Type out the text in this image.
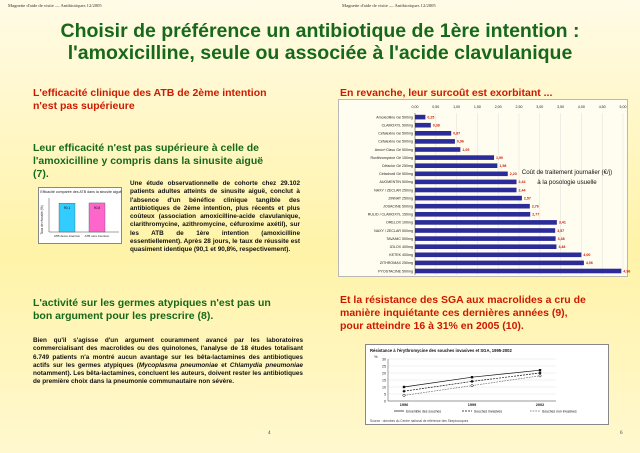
Magnette d'aide de visite — Antibiotiques 12/2005	Magnette d'aide de visite — Antibiotiques 12/2005
Choisir de préférence un antibiotique de 1ère intention :
l'amoxicilline, seule ou associée à l'acide clavulanique
L'efficacité clinique des ATB de 2ème intention
n'est pas supérieure
Leur efficacité n'est pas supérieure à celle de
l'amoxicilline y compris dans la sinusite aiguë
(7).
Efficacité comparée des ATB dans la sinusite aiguë
Taux de réussite (%)	90,1	90,8
ATB 2ème intention ATB 1ère intention
Une étude observationnelle de cohorte chez 29.102 patients adultes atteints de sinusite aiguë, conclut à l'absence d'un bénéfice clinique tangible des antibiotiques de 2ème intention, plus récents et plus coûteux (association amoxicilline-acide clavulanique, clarithromycine, azithromycine, céfuroxime axétil), sur les ATB de 1ère intention (amoxicilline essentiellement). Après 28 jours, le taux de réussite est quasiment identique (90,1 et 90,8%, respectivement).
L'activité sur les germes atypiques n'est pas un
bon argument pour les prescrire (8).
Bien qu'il s'agisse d'un argument couramment avancé par les laboratoires commercialisant des macrolides ou des quinolones, l'analyse de 18 études totalisant 6.749 patients n'a montré aucun avantage sur les bêta-lactamines des antibiotiques actifs sur les germes atypiques (Mycoplasma pneumoniae et Chlamydia pneumoniae notamment). Les bêta-lactamines, concluent les auteurs, doivent rester les antibiotiques de première choix dans la pneumonie communautaire non sévère.
En revanche, leur surcoût est exorbitant ...
0,00	0,50	1,00	1,50	2,00	2,50	3,00	3,50	4,00	4,50	5,00
Amoxicilline Gé 500mg	0,25
CLAMOXYL 500mg	0,38
Céfalexine Gé 500mg	0,87
Céfalexine Gé 500mg	0,96
Amox+Clavu Gé 500mg	1,09
Roxithromycine Gé 150mg	1,90
Céfaclor Gé 250mg	1,98
Céfadroxil Gé 500mg	2,23
AUGMENTIN 500mg	2,44
NAXY / ZECLAR 250mg	2,44
ZINNAT 250mg	2,57
JOSACINE 500mg	2,76
RULID / CLAMOXYL 150mg	2,77
ORELOX 100mg	3,41
NAXY / ZECLAR 500mg	3,57
TAVANIC 500mg	3,38
IZILOX 400mg	3,48
KETEK 400mg	4,00
ZITHROMAX 250mg	4,06
PYOSTACINE 500mg	4,96
Coût de traitement journalier (€/j)
à la posologie usuelle
Et la résistance des SGA aux macrolides a cru de
manière inquiétante ces dernières années (9),
pour atteindre 16 à 31% en 2005 (10).
Résistance à l'érythromycine des souches invasives et SGA, 1995-2002
%
0
5
10
15
20
25
30
1996	1999	2002
Ensemble des souches	Souches invasives	Souches non invasives
Source : données du Centre national de référence des Streptocoques
4	6
